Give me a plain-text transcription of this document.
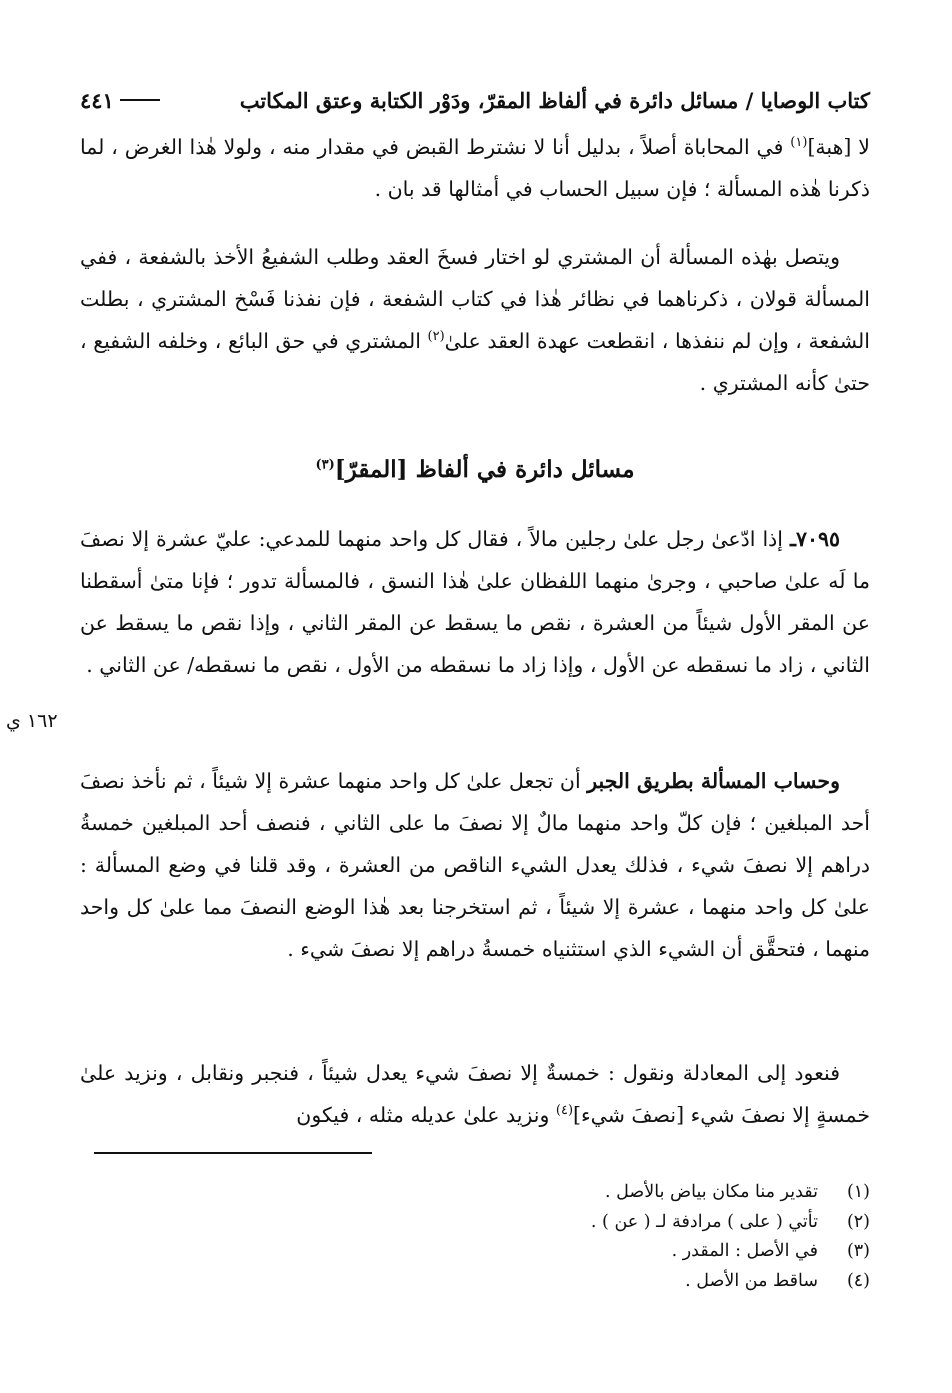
كتاب الوصايا / مسائل دائرة في ألفاظ المقرّ، ودَوْر الكتابة وعتق المكاتب
٤٤١
لا [هبة]$^{(١)}$ في المحاباة أصلاً ، بدليل أنا لا نشترط القبض في مقدار منه ، ولولا هٰذا الغرض ، لما ذكرنا هٰذه المسألة ؛ فإن سبيل الحساب في أمثالها قد بان .
ويتصل بهٰذه المسألة أن المشتري لو اختار فسخَ العقد وطلب الشفيعُ الأخذ بالشفعة ، ففي المسألة قولان ، ذكرناهما في نظائر هٰذا في كتاب الشفعة ، فإن نفذنا فَسْخ المشتري ، بطلت الشفعة ، وإن لم ننفذها ، انقطعت عهدة العقد علىٰ$^{(٢)}$ المشتري في حق البائع ، وخلفه الشفيع ، حتىٰ كأنه المشتري .
مسائل دائرة في ألفاظ [المقرّ]$^{(٣)}$
٧٠٩٥ـ إذا ادّعىٰ رجل علىٰ رجلين مالاً ، فقال كل واحد منهما للمدعي: عليّ عشرة إلا نصفَ ما لَه علىٰ صاحبي ، وجرىٰ منهما اللفظان علىٰ هٰذا النسق ، فالمسألة تدور ؛ فإنا متىٰ أسقطنا عن المقر الأول شيئاً من العشرة ، نقص ما يسقط عن المقر الثاني ، وإذا نقص ما يسقط عن الثاني ، زاد ما نسقطه عن الأول ، وإذا زاد ما نسقطه من الأول ، نقص ما نسقطه/ عن الثاني .
وحساب المسألة بطريق الجبر أن تجعل علىٰ كل واحد منهما عشرة إلا شيئاً ، ثم نأخذ نصفَ أحد المبلغين ؛ فإن كلّ واحد منهما مالٌ إلا نصفَ ما على الثاني ، فنصف أحد المبلغين خمسةُ دراهم إلا نصفَ شيء ، فذلك يعدل الشيء الناقص من العشرة ، وقد قلنا في وضع المسألة : علىٰ كل واحد منهما ، عشرة إلا شيئاً ، ثم استخرجنا بعد هٰذا الوضع النصفَ مما علىٰ كل واحد منهما ، فتحقَّق أن الشيء الذي استثنياه خمسةُ دراهم إلا نصفَ شيء .
فنعود إلى المعادلة ونقول : خمسةٌ إلا نصفَ شيء يعدل شيئاً ، فنجبر ونقابل ، ونزيد علىٰ خمسةٍ إلا نصفَ شيء [نصفَ شيء]$^{(٤)}$ ونزيد علىٰ عديله مثله ، فيكون
١٦٢ ي
(١)
تقدير منا مكان بياض بالأصل .
(٢)
تأتي ( على ) مرادفة لـ ( عن ) .
(٣)
في الأصل : المقدر .
(٤)
ساقط من الأصل .
